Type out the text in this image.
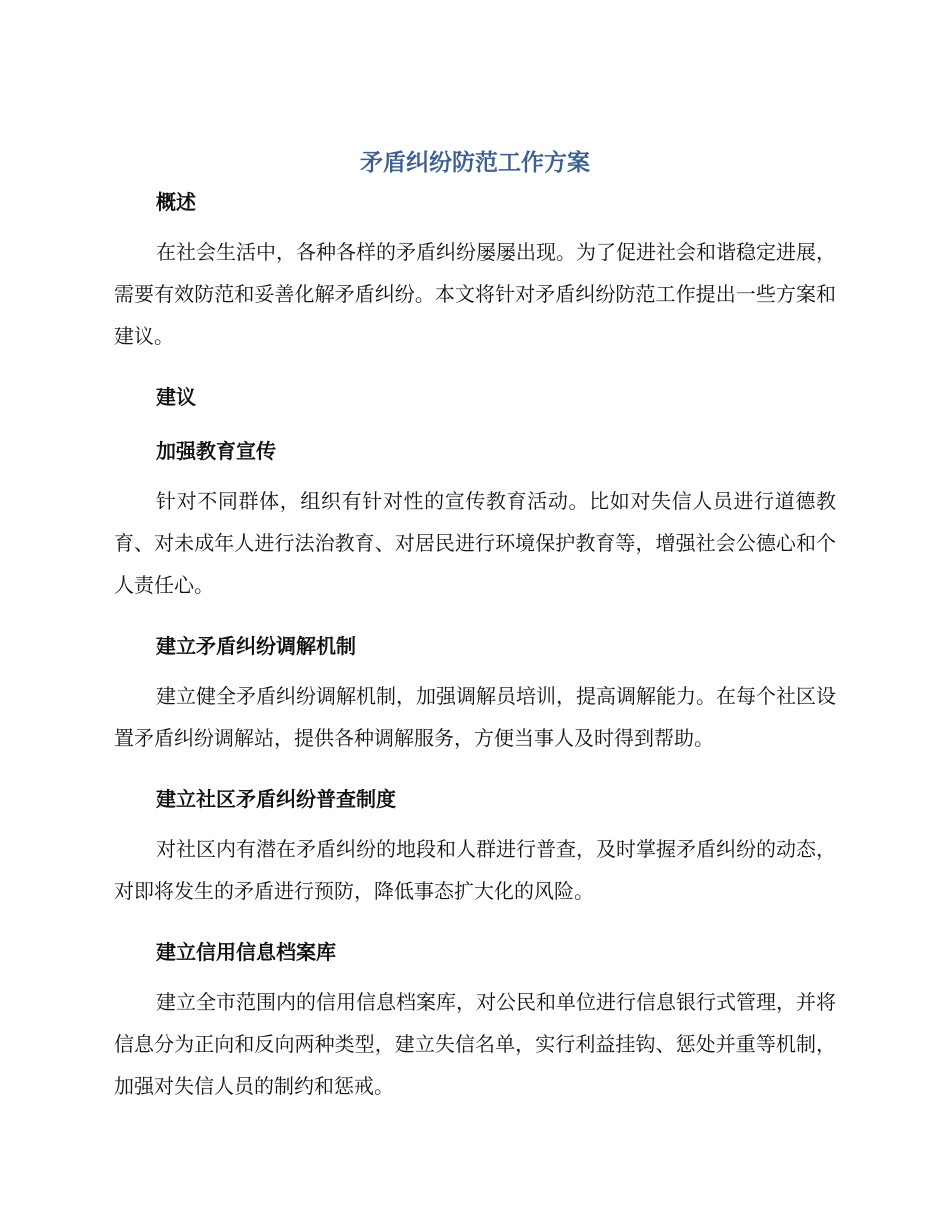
矛盾纠纷防范工作方案
概述

在社会生活中，各种各样的矛盾纠纷屡屡出现。为了促进社会和谐稳定进展，需要有效防范和妥善化解矛盾纠纷。本文将针对矛盾纠纷防范工作提出一些方案和建议。

建议
加强教育宣传

针对不同群体，组织有针对性的宣传教育活动。比如对失信人员进行道德教育、对未成年人进行法治教育、对居民进行环境保护教育等，增强社会公德心和个人责任心。

建立矛盾纠纷调解机制

建立健全矛盾纠纷调解机制，加强调解员培训，提高调解能力。在每个社区设置矛盾纠纷调解站，提供各种调解服务，方便当事人及时得到帮助。

建立社区矛盾纠纷普查制度

对社区内有潜在矛盾纠纷的地段和人群进行普查，及时掌握矛盾纠纷的动态，对即将发生的矛盾进行预防，降低事态扩大化的风险。

建立信用信息档案库

建立全市范围内的信用信息档案库，对公民和单位进行信息银行式管理，并将信息分为正向和反向两种类型，建立失信名单，实行利益挂钩、惩处并重等机制，加强对失信人员的制约和惩戒。
